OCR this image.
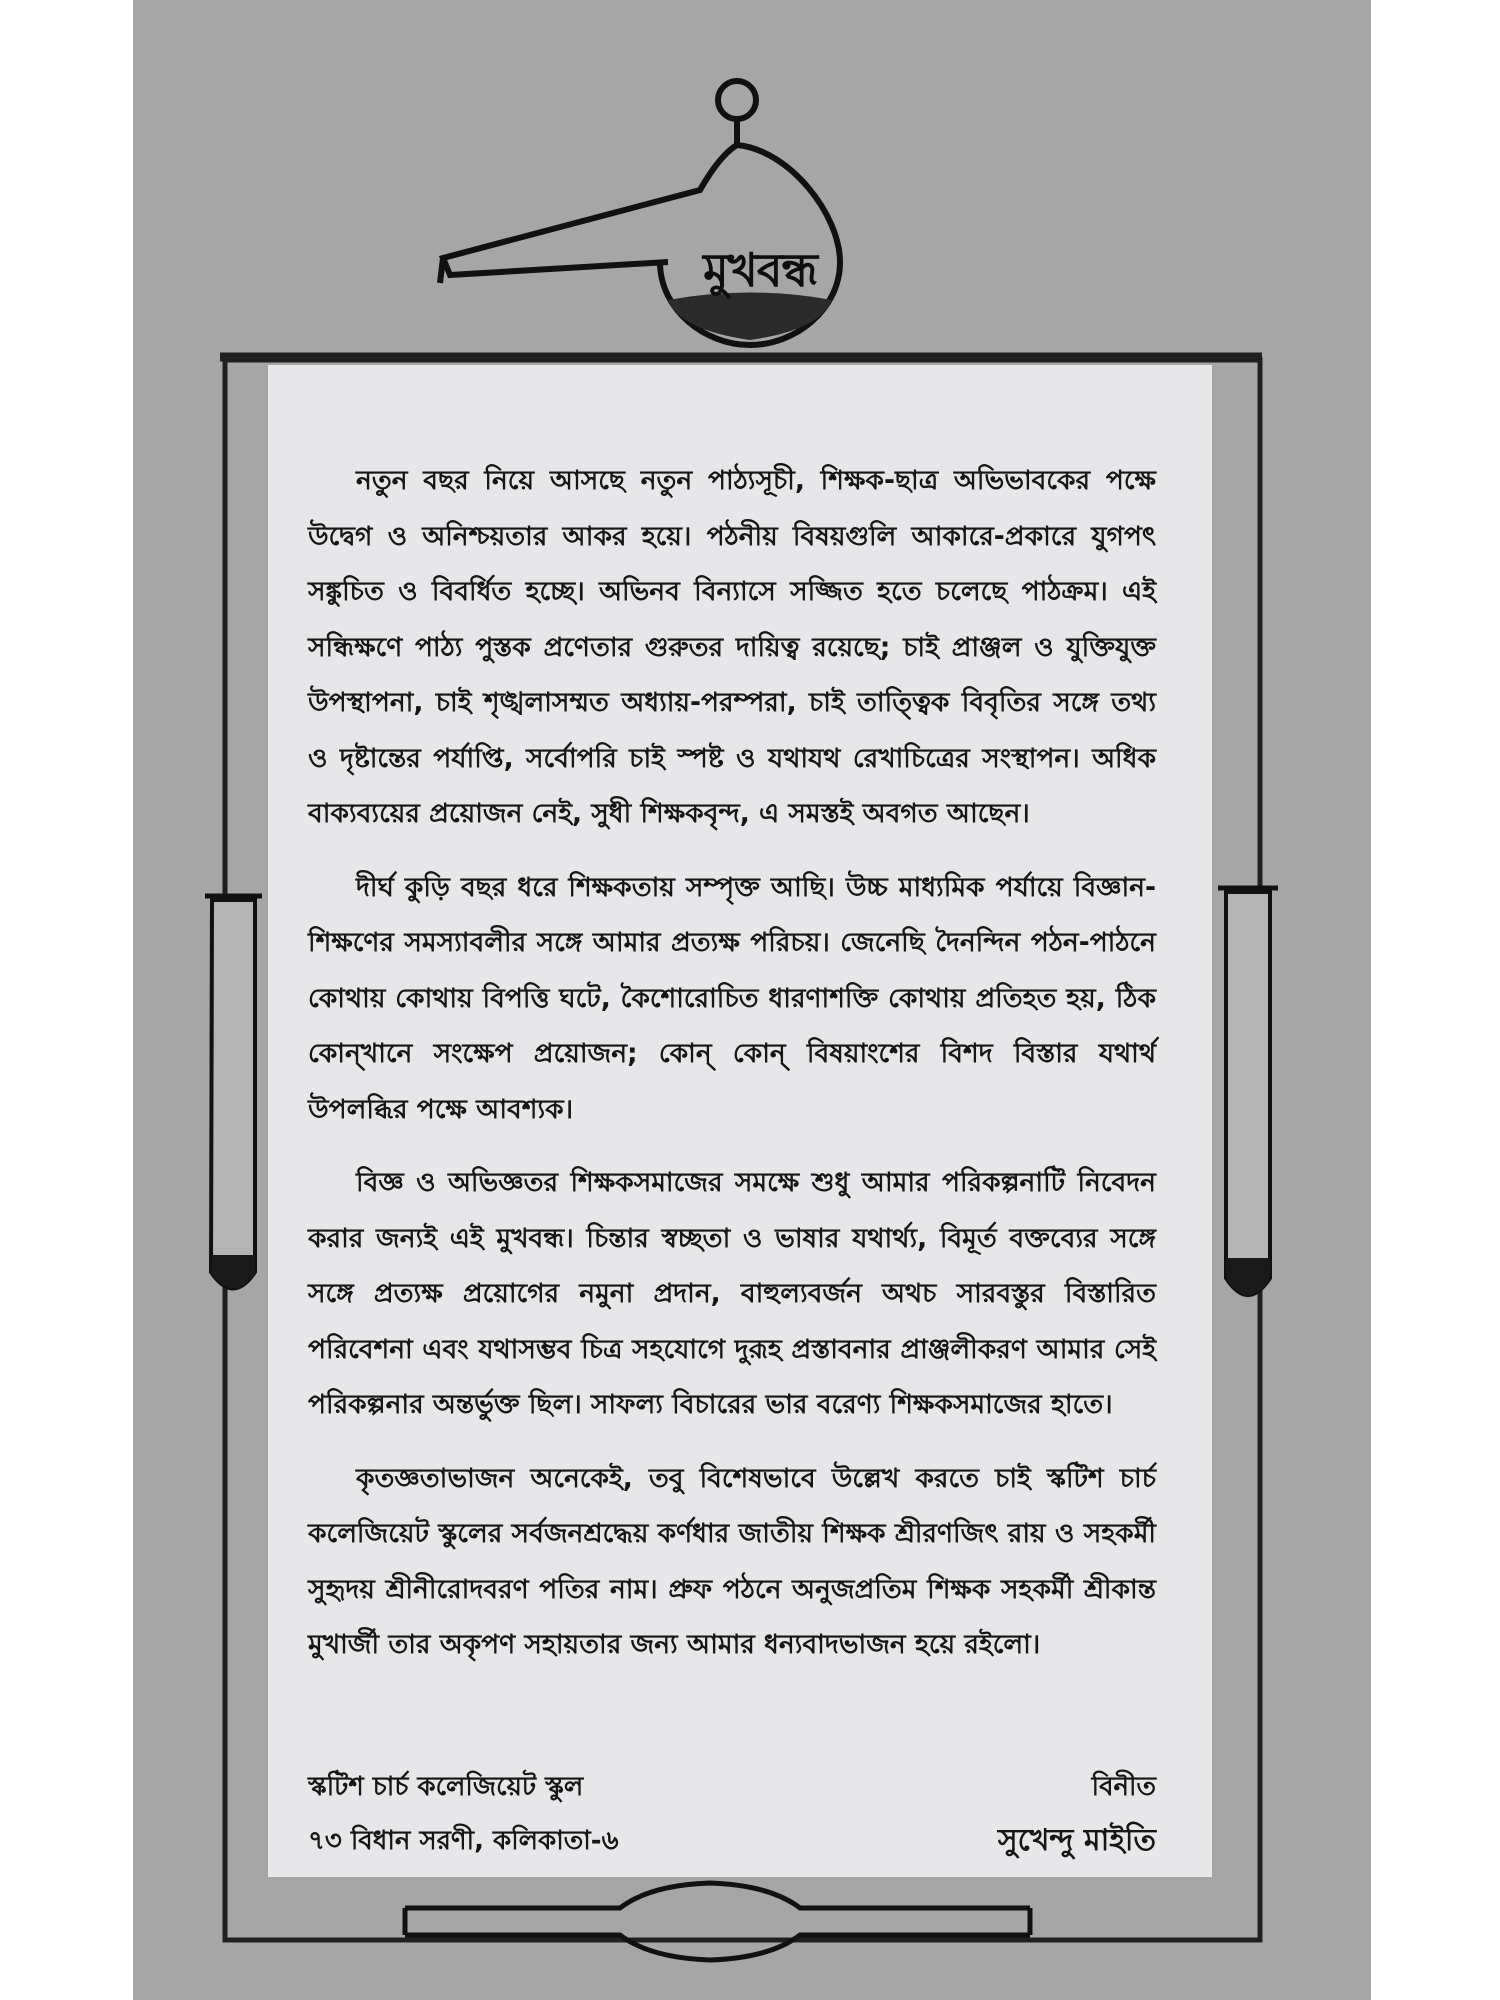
মুখবন্ধ

নতুন বছর নিয়ে আসছে নতুন পাঠ্যসূচী, শিক্ষক-ছাত্র অভিভাবকের পক্ষে উদ্বেগ ও অনিশ্চয়তার আকর হয়ে। পঠনীয় বিষয়গুলি আকারে-প্রকারে যুগপৎ সঙ্কুচিত ও বিবর্ধিত হচ্ছে। অভিনব বিন্যাসে সজ্জিত হতে চলেছে পাঠক্রম। এই সন্ধিক্ষণে পাঠ্য পুস্তক প্রণেতার গুরুতর দায়িত্ব রয়েছে; চাই প্রাঞ্জল ও যুক্তিযুক্ত উপস্থাপনা, চাই শৃঙ্খলাসম্মত অধ্যায়-পরম্পরা, চাই তাত্ত্বিক বিবৃতির সঙ্গে তথ্য ও দৃষ্টান্তের পর্যাপ্তি, সর্বোপরি চাই স্পষ্ট ও যথাযথ রেখাচিত্রের সংস্থাপন। অধিক বাক্যব্যয়ের প্রয়োজন নেই, সুধী শিক্ষকবৃন্দ, এ সমস্তই অবগত আছেন।

দীর্ঘ কুড়ি বছর ধরে শিক্ষকতায় সম্পৃক্ত আছি। উচ্চ মাধ্যমিক পর্যায়ে বিজ্ঞান-শিক্ষণের সমস্যাবলীর সঙ্গে আমার প্রত্যক্ষ পরিচয়। জেনেছি দৈনন্দিন পঠন-পাঠনে কোথায় কোথায় বিপত্তি ঘটে, কৈশোরোচিত ধারণাশক্তি কোথায় প্রতিহত হয়, ঠিক কোন্‌খানে সংক্ষেপ প্রয়োজন; কোন্‌ কোন্‌ বিষয়াংশের বিশদ বিস্তার যথার্থ উপলব্ধির পক্ষে আবশ্যক।

বিজ্ঞ ও অভিজ্ঞতর শিক্ষকসমাজের সমক্ষে শুধু আমার পরিকল্পনাটি নিবেদন করার জন্যই এই মুখবন্ধ। চিন্তার স্বচ্ছতা ও ভাষার যথার্থ্য, বিমূর্ত বক্তব্যের সঙ্গে সঙ্গে প্রত্যক্ষ প্রয়োগের নমুনা প্রদান, বাহুল্যবর্জন অথচ সারবস্তুর বিস্তারিত পরিবেশনা এবং যথাসম্ভব চিত্র সহযোগে দুরূহ প্রস্তাবনার প্রাঞ্জলীকরণ আমার সেই পরিকল্পনার অন্তর্ভুক্ত ছিল। সাফল্য বিচারের ভার বরেণ্য শিক্ষকসমাজের হাতে।

কৃতজ্ঞতাভাজন অনেকেই, তবু বিশেষভাবে উল্লেখ করতে চাই স্কটিশ চার্চ কলেজিয়েট স্কুলের সর্বজনশ্রদ্ধেয় কর্ণধার জাতীয় শিক্ষক শ্রীরণজিৎ রায় ও সহকর্মী সুহৃদয় শ্রীনীরোদবরণ পতির নাম। প্রুফ পঠনে অনুজপ্রতিম শিক্ষক সহকর্মী শ্রীকান্ত মুখার্জী তার অকৃপণ সহায়তার জন্য আমার ধন্যবাদভাজন হয়ে রইলো।

স্কটিশ চার্চ কলেজিয়েট স্কুল
৭৩ বিধান সরণী, কলিকাতা-৬
বিনীত
সুখেন্দু মাইতি
